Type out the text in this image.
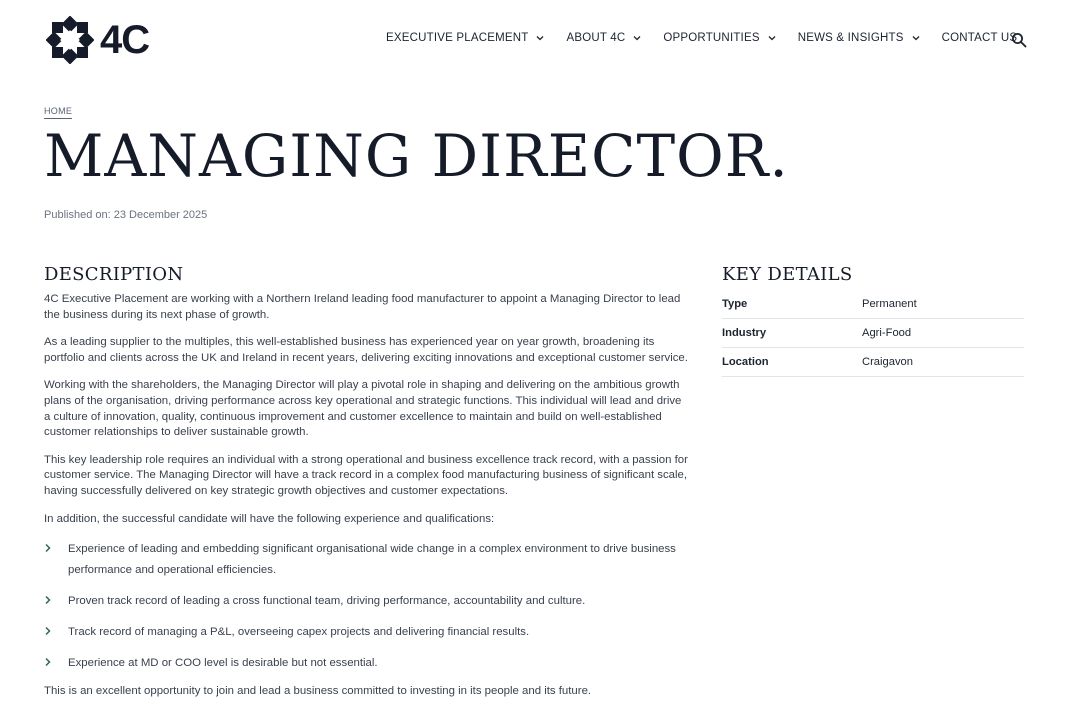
4C	EXECUTIVE PLACEMENT	ABOUT 4C	OPPORTUNITIES	NEWS & INSIGHTS	CONTACT US
HOME
MANAGING DIRECTOR.
Published on: 23 December 2025
DESCRIPTION

4C Executive Placement are working with a Northern Ireland leading food manufacturer to appoint a Managing Director to lead the business during its next phase of growth.

As a leading supplier to the multiples, this well-established business has experienced year on year growth, broadening its portfolio and clients across the UK and Ireland in recent years, delivering exciting innovations and exceptional customer service.

Working with the shareholders, the Managing Director will play a pivotal role in shaping and delivering on the ambitious growth plans of the organisation, driving performance across key operational and strategic functions. This individual will lead and drive a culture of innovation, quality, continuous improvement and customer excellence to maintain and build on well-established customer relationships to deliver sustainable growth.

This key leadership role requires an individual with a strong operational and business excellence track record, with a passion for customer service. The Managing Director will have a track record in a complex food manufacturing business of significant scale, having successfully delivered on key strategic growth objectives and customer expectations.

In addition, the successful candidate will have the following experience and qualifications:

Experience of leading and embedding significant organisational wide change in a complex environment to drive business performance and operational efficiencies.
Proven track record of leading a cross functional team, driving performance, accountability and culture.
Track record of managing a P&L, overseeing capex projects and delivering financial results.
Experience at MD or COO level is desirable but not essential.

This is an excellent opportunity to join and lead a business committed to investing in its people and its future.

KEY DETAILS
Type	Permanent
Industry	Agri-Food
Location	Craigavon
